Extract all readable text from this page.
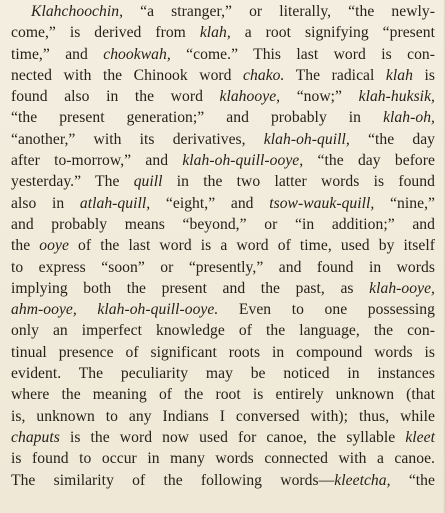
Klahchoochin, “a stranger,” or literally, “the newly-
come,” is derived from klah, a root signifying “present
time,” and chookwah, “come.” This last word is con-
nected with the Chinook word chako. The radical klah is
found also in the word klahooye, “now;” klah-huksik,
“the present generation;” and probably in klah-oh,
“another,” with its derivatives, klah-oh-quill, “the day
after to-morrow,” and klah-oh-quill-ooye, “the day before
yesterday.” The quill in the two latter words is found
also in atlah-quill, “eight,” and tsow-wauk-quill, “nine,”
and probably means “beyond,” or “in addition;” and
the ooye of the last word is a word of time, used by itself
to express “soon” or “presently,” and found in words
implying both the present and the past, as klah-ooye,
ahm-ooye, klah-oh-quill-ooye. Even to one possessing
only an imperfect knowledge of the language, the con-
tinual presence of significant roots in compound words is
evident. The peculiarity may be noticed in instances
where the meaning of the root is entirely unknown (that
is, unknown to any Indians I conversed with); thus, while
chaputs is the word now used for canoe, the syllable kleet
is found to occur in many words connected with a canoe.
The similarity of the following words—kleetcha, “the
